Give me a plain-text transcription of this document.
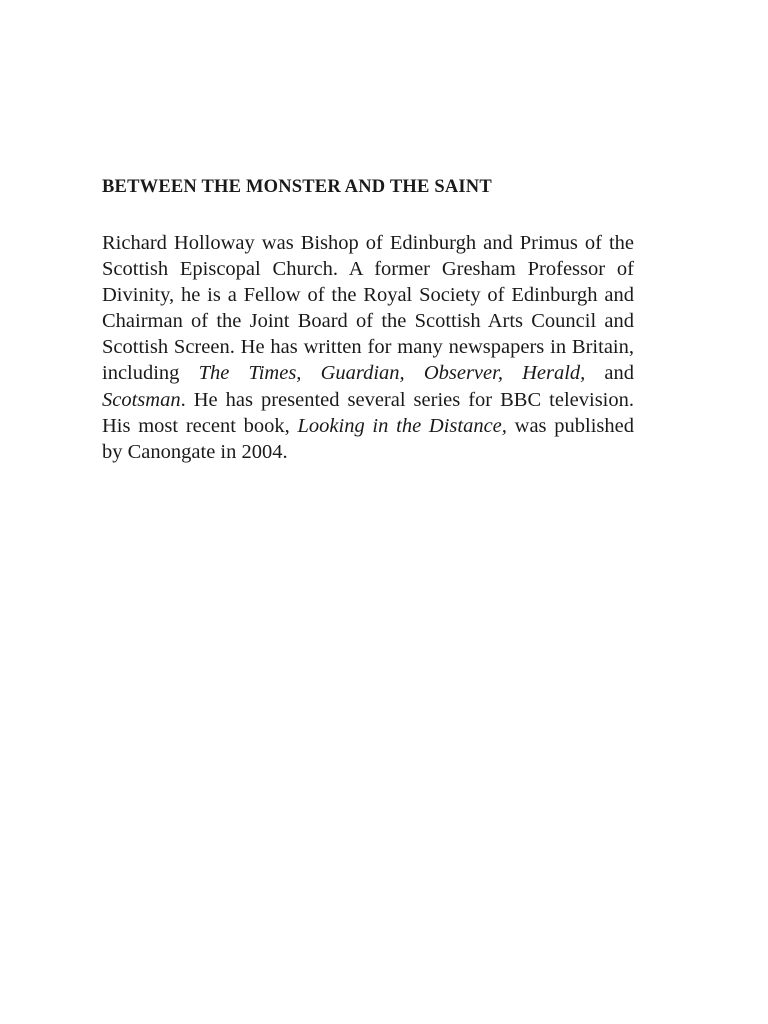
BETWEEN THE MONSTER AND THE SAINT

Richard Holloway was Bishop of Edinburgh and Primus of the Scottish Episcopal Church. A former Gresham Professor of Divinity, he is a Fellow of the Royal Society of Edinburgh and Chairman of the Joint Board of the Scottish Arts Council and Scottish Screen. He has written for many newspapers in Britain, including The Times, Guardian, Observer, Herald, and Scotsman. He has presented several series for BBC television. His most recent book, Looking in the Distance, was published by Canongate in 2004.
